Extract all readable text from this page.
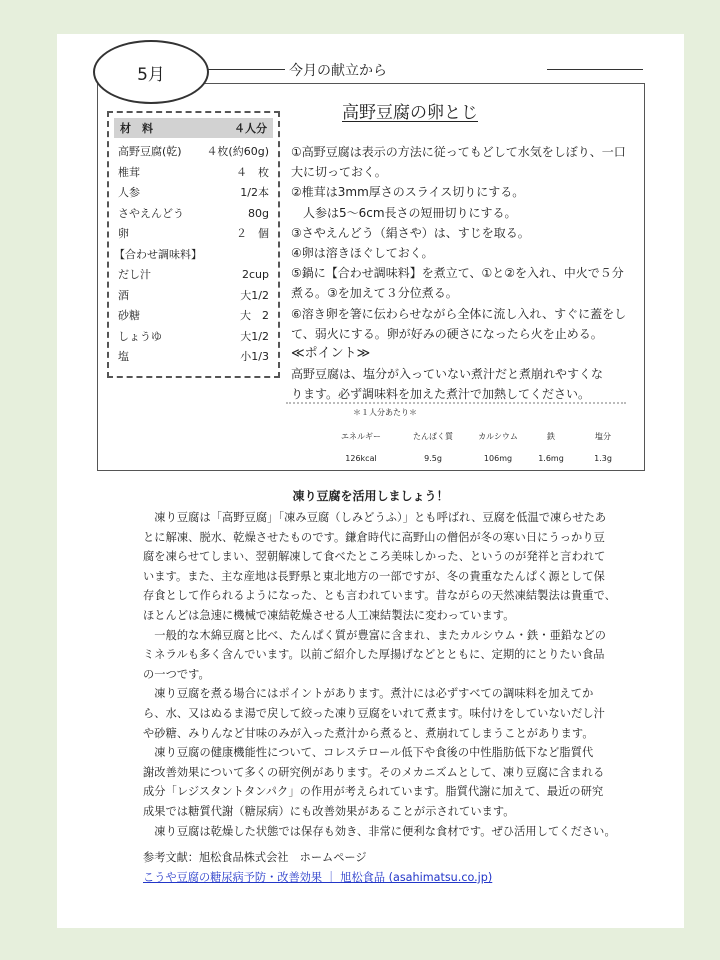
5月	今月の献立から
材　料	４人分
高野豆腐(乾) ４枚(約60g)
椎茸	４　枚
人参	1/2本
さやえんどう	80g
卵	２　個
【合わせ調味料】
だし汁	2cup
酒	大1/2
砂糖	大　2
しょうゆ	大1/2
塩	小1/3
高野豆腐の卵とじ
①高野豆腐は表示の方法に従ってもどして水気をしぼり、一口
大に切っておく。
②椎茸は3mm厚さのスライス切りにする。
　人参は5～6cm長さの短冊切りにする。
③さやえんどう（絹さや）は、すじを取る。
④卵は溶きほぐしておく。
⑤鍋に【合わせ調味料】を煮立て、①と②を入れ、中火で５分
煮る。③を加えて３分位煮る。
⑥溶き卵を箸に伝わらせながら全体に流し入れ、すぐに蓋をし
て、弱火にする。卵が好みの硬さになったら火を止める。
≪ポイント≫
高野豆腐は、塩分が入っていない煮汁だと煮崩れやすくな
ります。必ず調味料を加えた煮汁で加熱してください。
＊１人分あたり＊
エネルギー	たんぱく質	カルシウム	鉄	塩分
126kcal	9.5g	106mg	1.6mg	1.3g
凍り豆腐を活用しましょう！
　凍り豆腐は「高野豆腐」「凍み豆腐（しみどうふ）」とも呼ばれ、豆腐を低温で凍らせたあ
とに解凍、脱水、乾燥させたものです。鎌倉時代に高野山の僧侶が冬の寒い日にうっかり豆
腐を凍らせてしまい、翌朝解凍して食べたところ美味しかった、というのが発祥と言われて
います。また、主な産地は長野県と東北地方の一部ですが、冬の貴重なたんぱく源として保
存食として作られるようになった、とも言われています。昔ながらの天然凍結製法は貴重で、
ほとんどは急速に機械で凍結乾燥させる人工凍結製法に変わっています。
　一般的な木綿豆腐と比べ、たんぱく質が豊富に含まれ、またカルシウム・鉄・亜鉛などの
ミネラルも多く含んでいます。以前ご紹介した厚揚げなどとともに、定期的にとりたい食品
の一つです。
　凍り豆腐を煮る場合にはポイントがあります。煮汁には必ずすべての調味料を加えてか
ら、水、又はぬるま湯で戻して絞った凍り豆腐をいれて煮ます。味付けをしていないだし汁
や砂糖、みりんなど甘味のみが入った煮汁から煮ると、煮崩れてしまうことがあります。
　凍り豆腐の健康機能性について、コレステロール低下や食後の中性脂肪低下など脂質代
謝改善効果について多くの研究例があります。そのメカニズムとして、凍り豆腐に含まれる
成分「レジスタントタンパク」の作用が考えられています。脂質代謝に加えて、最近の研究
成果では糖質代謝（糖尿病）にも改善効果があることが示されています。
　凍り豆腐は乾燥した状態では保存も効き、非常に便利な食材です。ぜひ活用してください。
参考文献：旭松食品株式会社　ホームページ
こうや豆腐の糖尿病予防・改善効果 ｜ 旭松食品 (asahimatsu.co.jp)
